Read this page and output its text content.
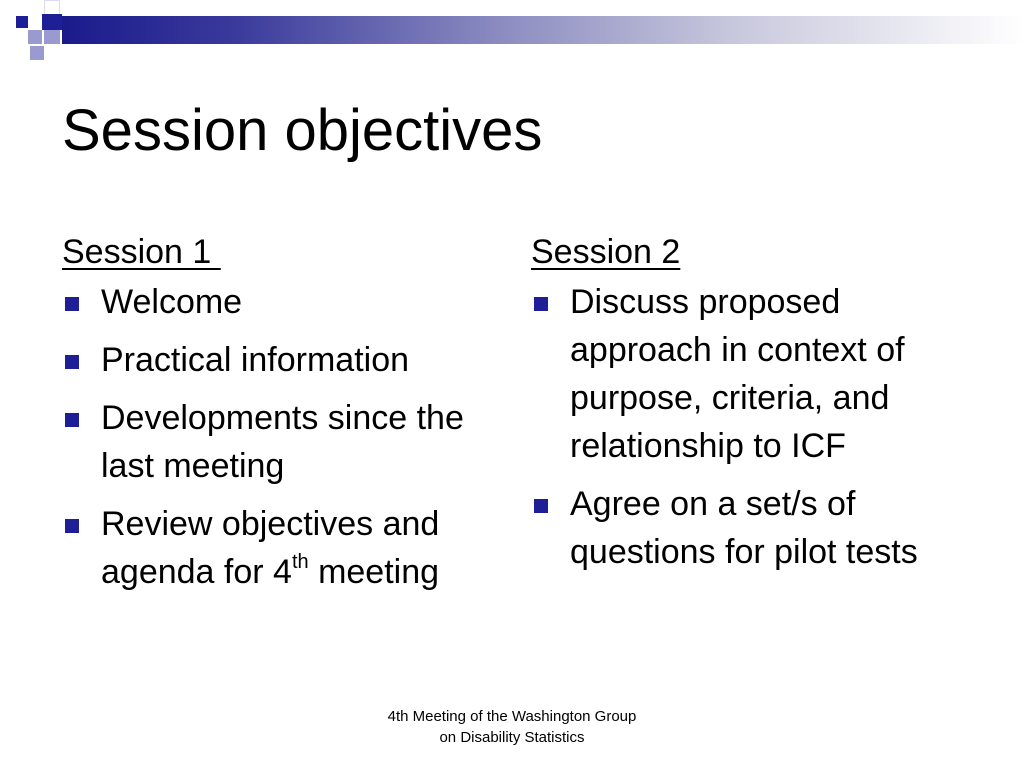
Session objectives
Session 1
Welcome
Practical information
Developments since the last meeting
Review objectives and agenda for 4th meeting
Session 2
Discuss proposed approach in context of purpose, criteria, and relationship to ICF
Agree on a set/s of questions for pilot tests
4th Meeting of the Washington Group
on Disability Statistics
